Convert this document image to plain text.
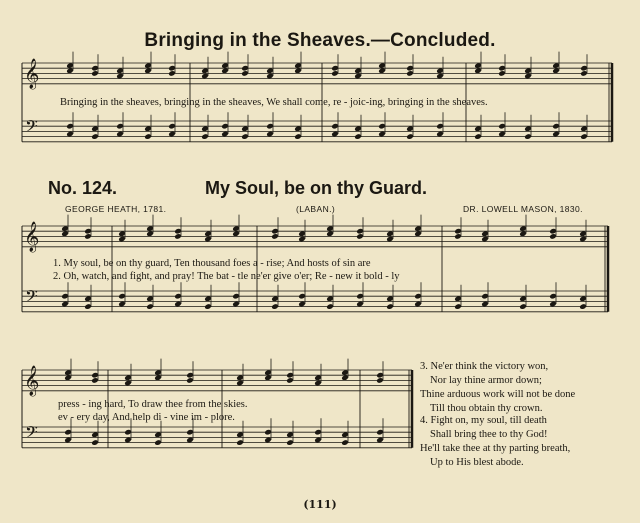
Bringing in the Sheaves.—Concluded.
𝄞
𝄢
𝄞
𝄢
𝄞
𝄢
Bringing in the sheaves, bringing in the sheaves, We shall come, re - joic-ing, bringing in the sheaves.
No. 124.	My Soul, be on thy Guard.
GEORGE HEATH, 1781.	(LABAN.)	DR. LOWELL MASON, 1830.
1. My soul, be on thy guard, Ten thousand foes a - rise; And hosts of sin are
2. Oh, watch, and fight, and pray! The bat - tle ne'er give o'er; Re - new it bold - ly
press - ing hard, To draw thee from the skies.
ev - ery day, And help di - vine im - plore.
3. Ne'er think the victory won,
Nor lay thine armor down;
Thine arduous work will not be done
Till thou obtain thy crown.
4. Fight on, my soul, till death
Shall bring thee to thy God!
He'll take thee at thy parting breath,
Up to His blest abode.
(111)
